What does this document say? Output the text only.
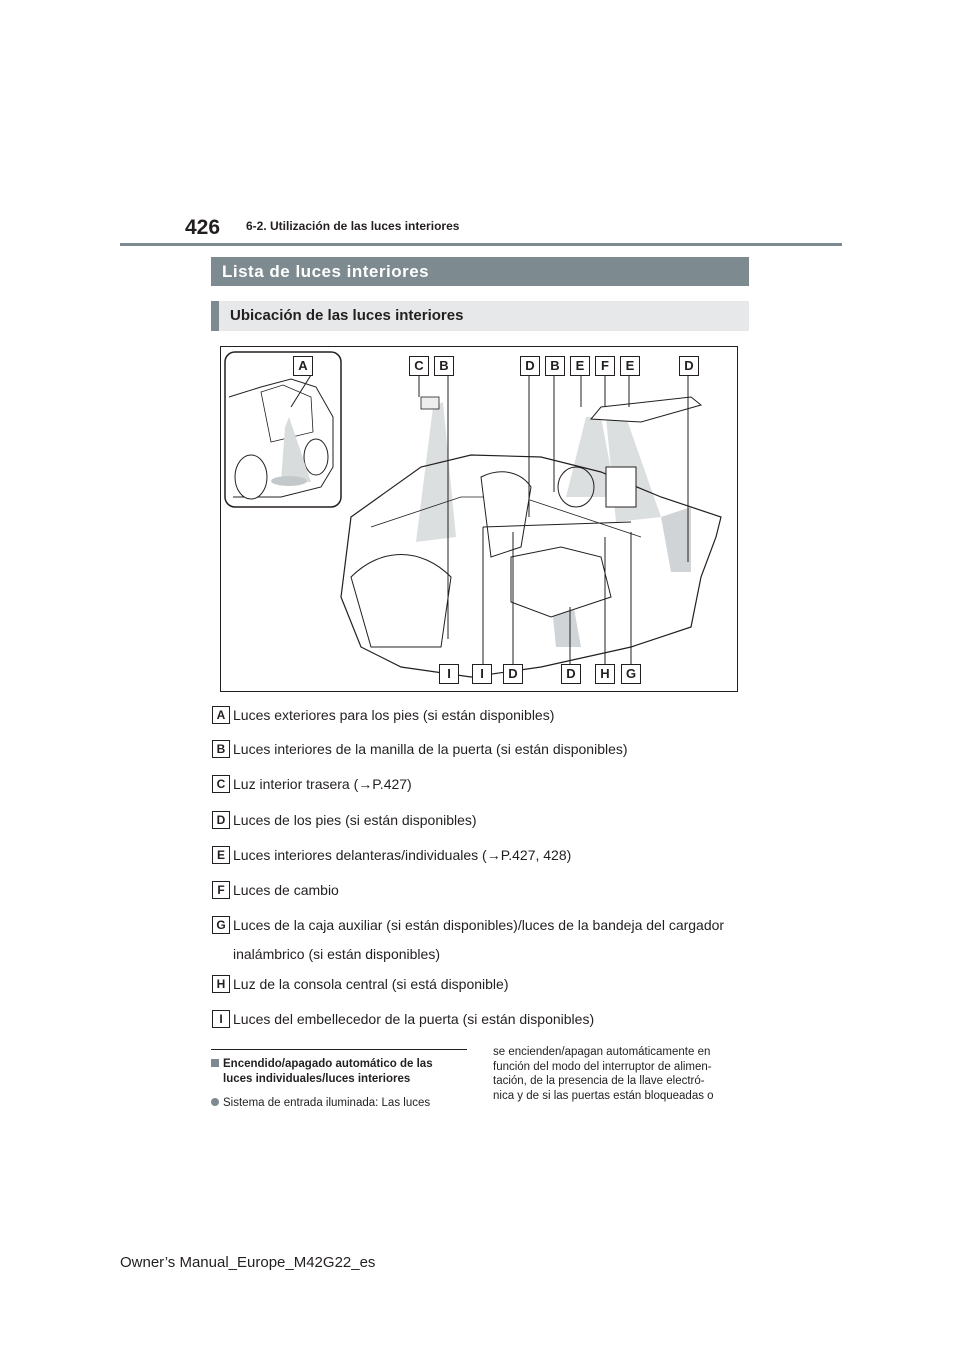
426 6-2. Utilización de las luces interiores
Lista de luces interiores
Ubicación de las luces interiores
A	C	B	D	B	E	F	E	D
I	I	D	D	H	G
A Luces exteriores para los pies (si están disponibles)
B Luces interiores de la manilla de la puerta (si están disponibles)
C Luz interior trasera (→P.427)
D Luces de los pies (si están disponibles)
E Luces interiores delanteras/individuales (→P.427, 428)
F Luces de cambio
G Luces de la caja auxiliar (si están disponibles)/luces de la bandeja del cargador
inalámbrico (si están disponibles)
H Luz de la consola central (si está disponible)
I Luces del embellecedor de la puerta (si están disponibles)
Encendido/apagado automático de las
luces individuales/luces interiores
Sistema de entrada iluminada: Las luces
se encienden/apagan automáticamente en
función del modo del interruptor de alimen-
tación, de la presencia de la llave electró-
nica y de si las puertas están bloqueadas o
Owner’s Manual_Europe_M42G22_es
